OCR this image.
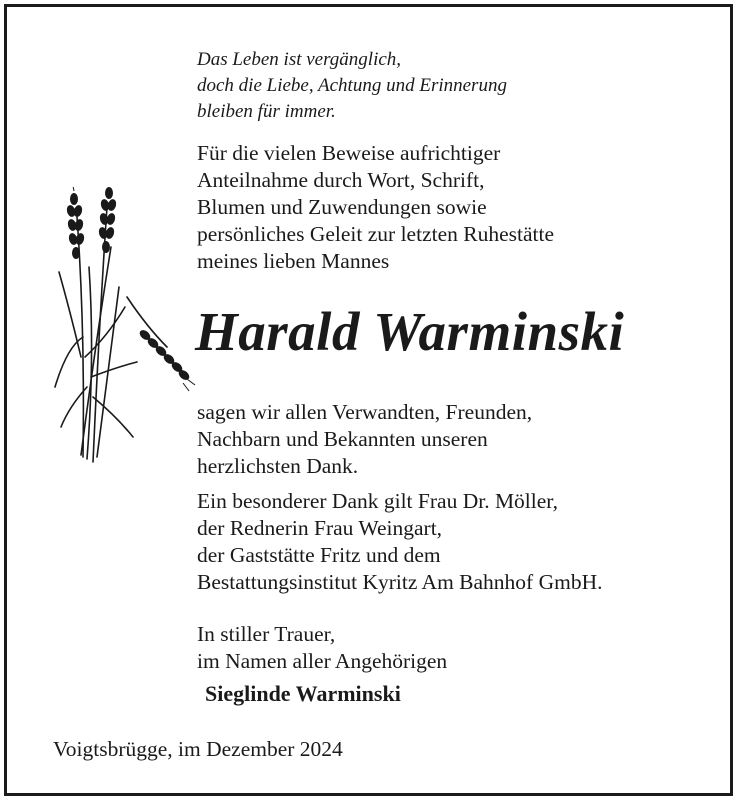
Das Leben ist vergänglich,
doch die Liebe, Achtung und Erinnerung
bleiben für immer.
Für die vielen Beweise aufrichtiger
Anteilnahme durch Wort, Schrift,
Blumen und Zuwendungen sowie
persönliches Geleit zur letzten Ruhestätte
meines lieben Mannes
Harald Warminski
sagen wir allen Verwandten, Freunden,
Nachbarn und Bekannten unseren
herzlichsten Dank.
Ein besonderer Dank gilt Frau Dr. Möller,
der Rednerin Frau Weingart,
der Gaststätte Fritz und dem
Bestattungsinstitut Kyritz Am Bahnhof GmbH.
In stiller Trauer,
im Namen aller Angehörigen
Sieglinde Warminski
Voigtsbrügge, im Dezember 2024
